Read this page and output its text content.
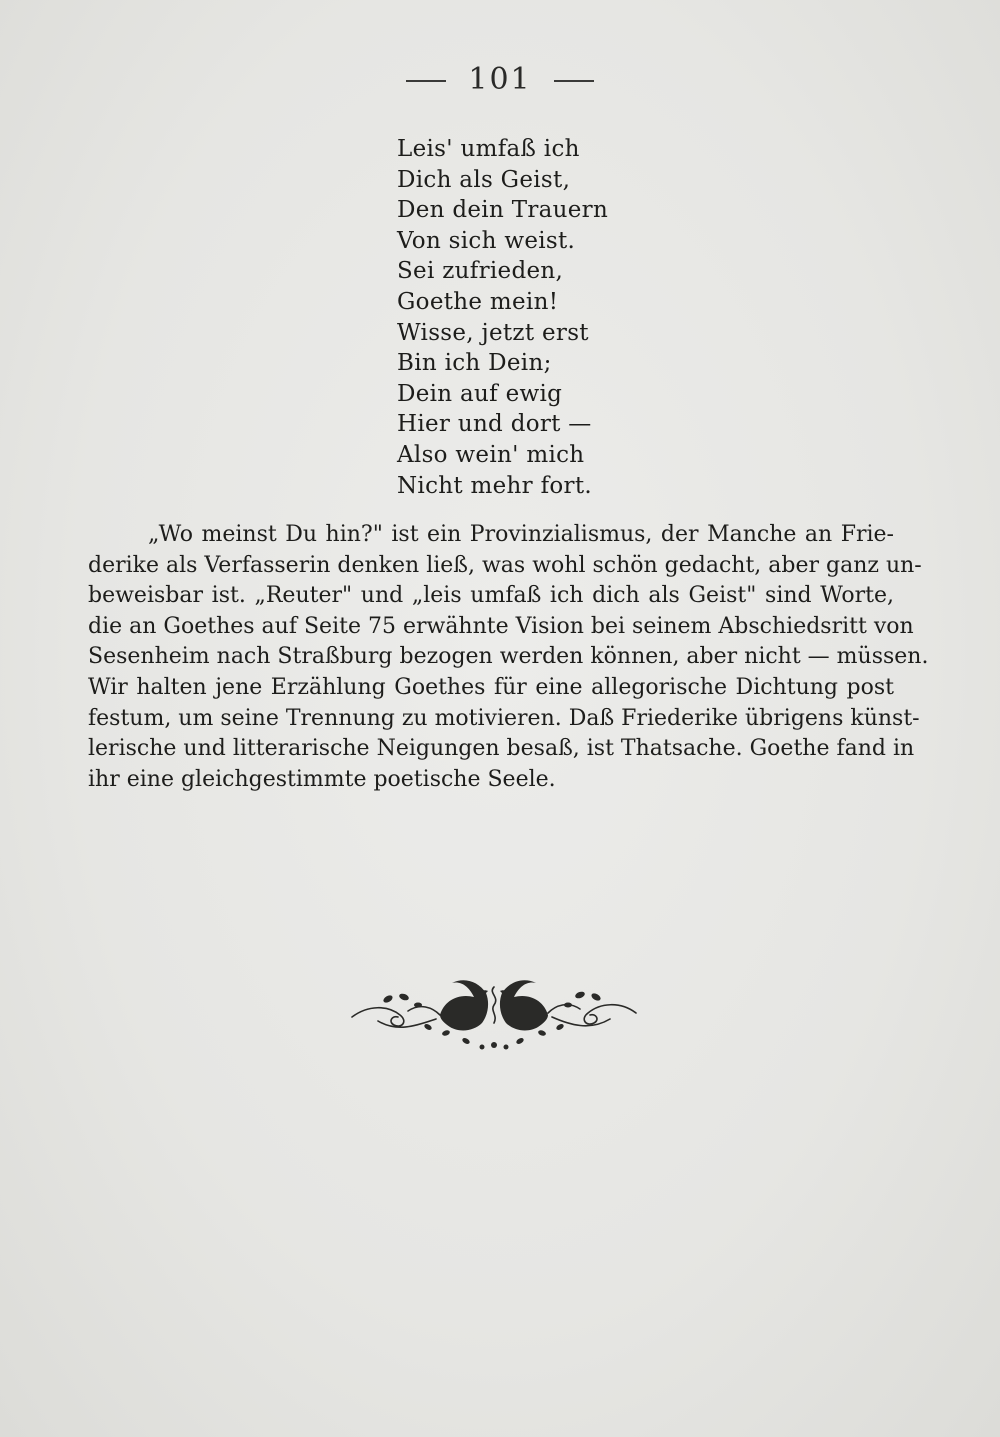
101
Leis' umfaß ich
Dich als Geist,
Den dein Trauern
Von sich weist.
Sei zufrieden,
Goethe mein!
Wisse, jetzt erst
Bin ich Dein;
Dein auf ewig
Hier und dort —
Also wein' mich
Nicht mehr fort.
„Wo meinst Du hin?" ist ein Provinzialismus, der Manche an Frie-
derike als Verfasserin denken ließ, was wohl schön gedacht, aber ganz un-
beweisbar ist. „Reuter" und „leis umfaß ich dich als Geist" sind Worte,
die an Goethes auf Seite 75 erwähnte Vision bei seinem Abschiedsritt von
Sesenheim nach Straßburg bezogen werden können, aber nicht — müssen.
Wir halten jene Erzählung Goethes für eine allegorische Dichtung post
festum, um seine Trennung zu motivieren. Daß Friederike übrigens künst-
lerische und litterarische Neigungen besaß, ist Thatsache. Goethe fand in
ihr eine gleichgestimmte poetische Seele.
